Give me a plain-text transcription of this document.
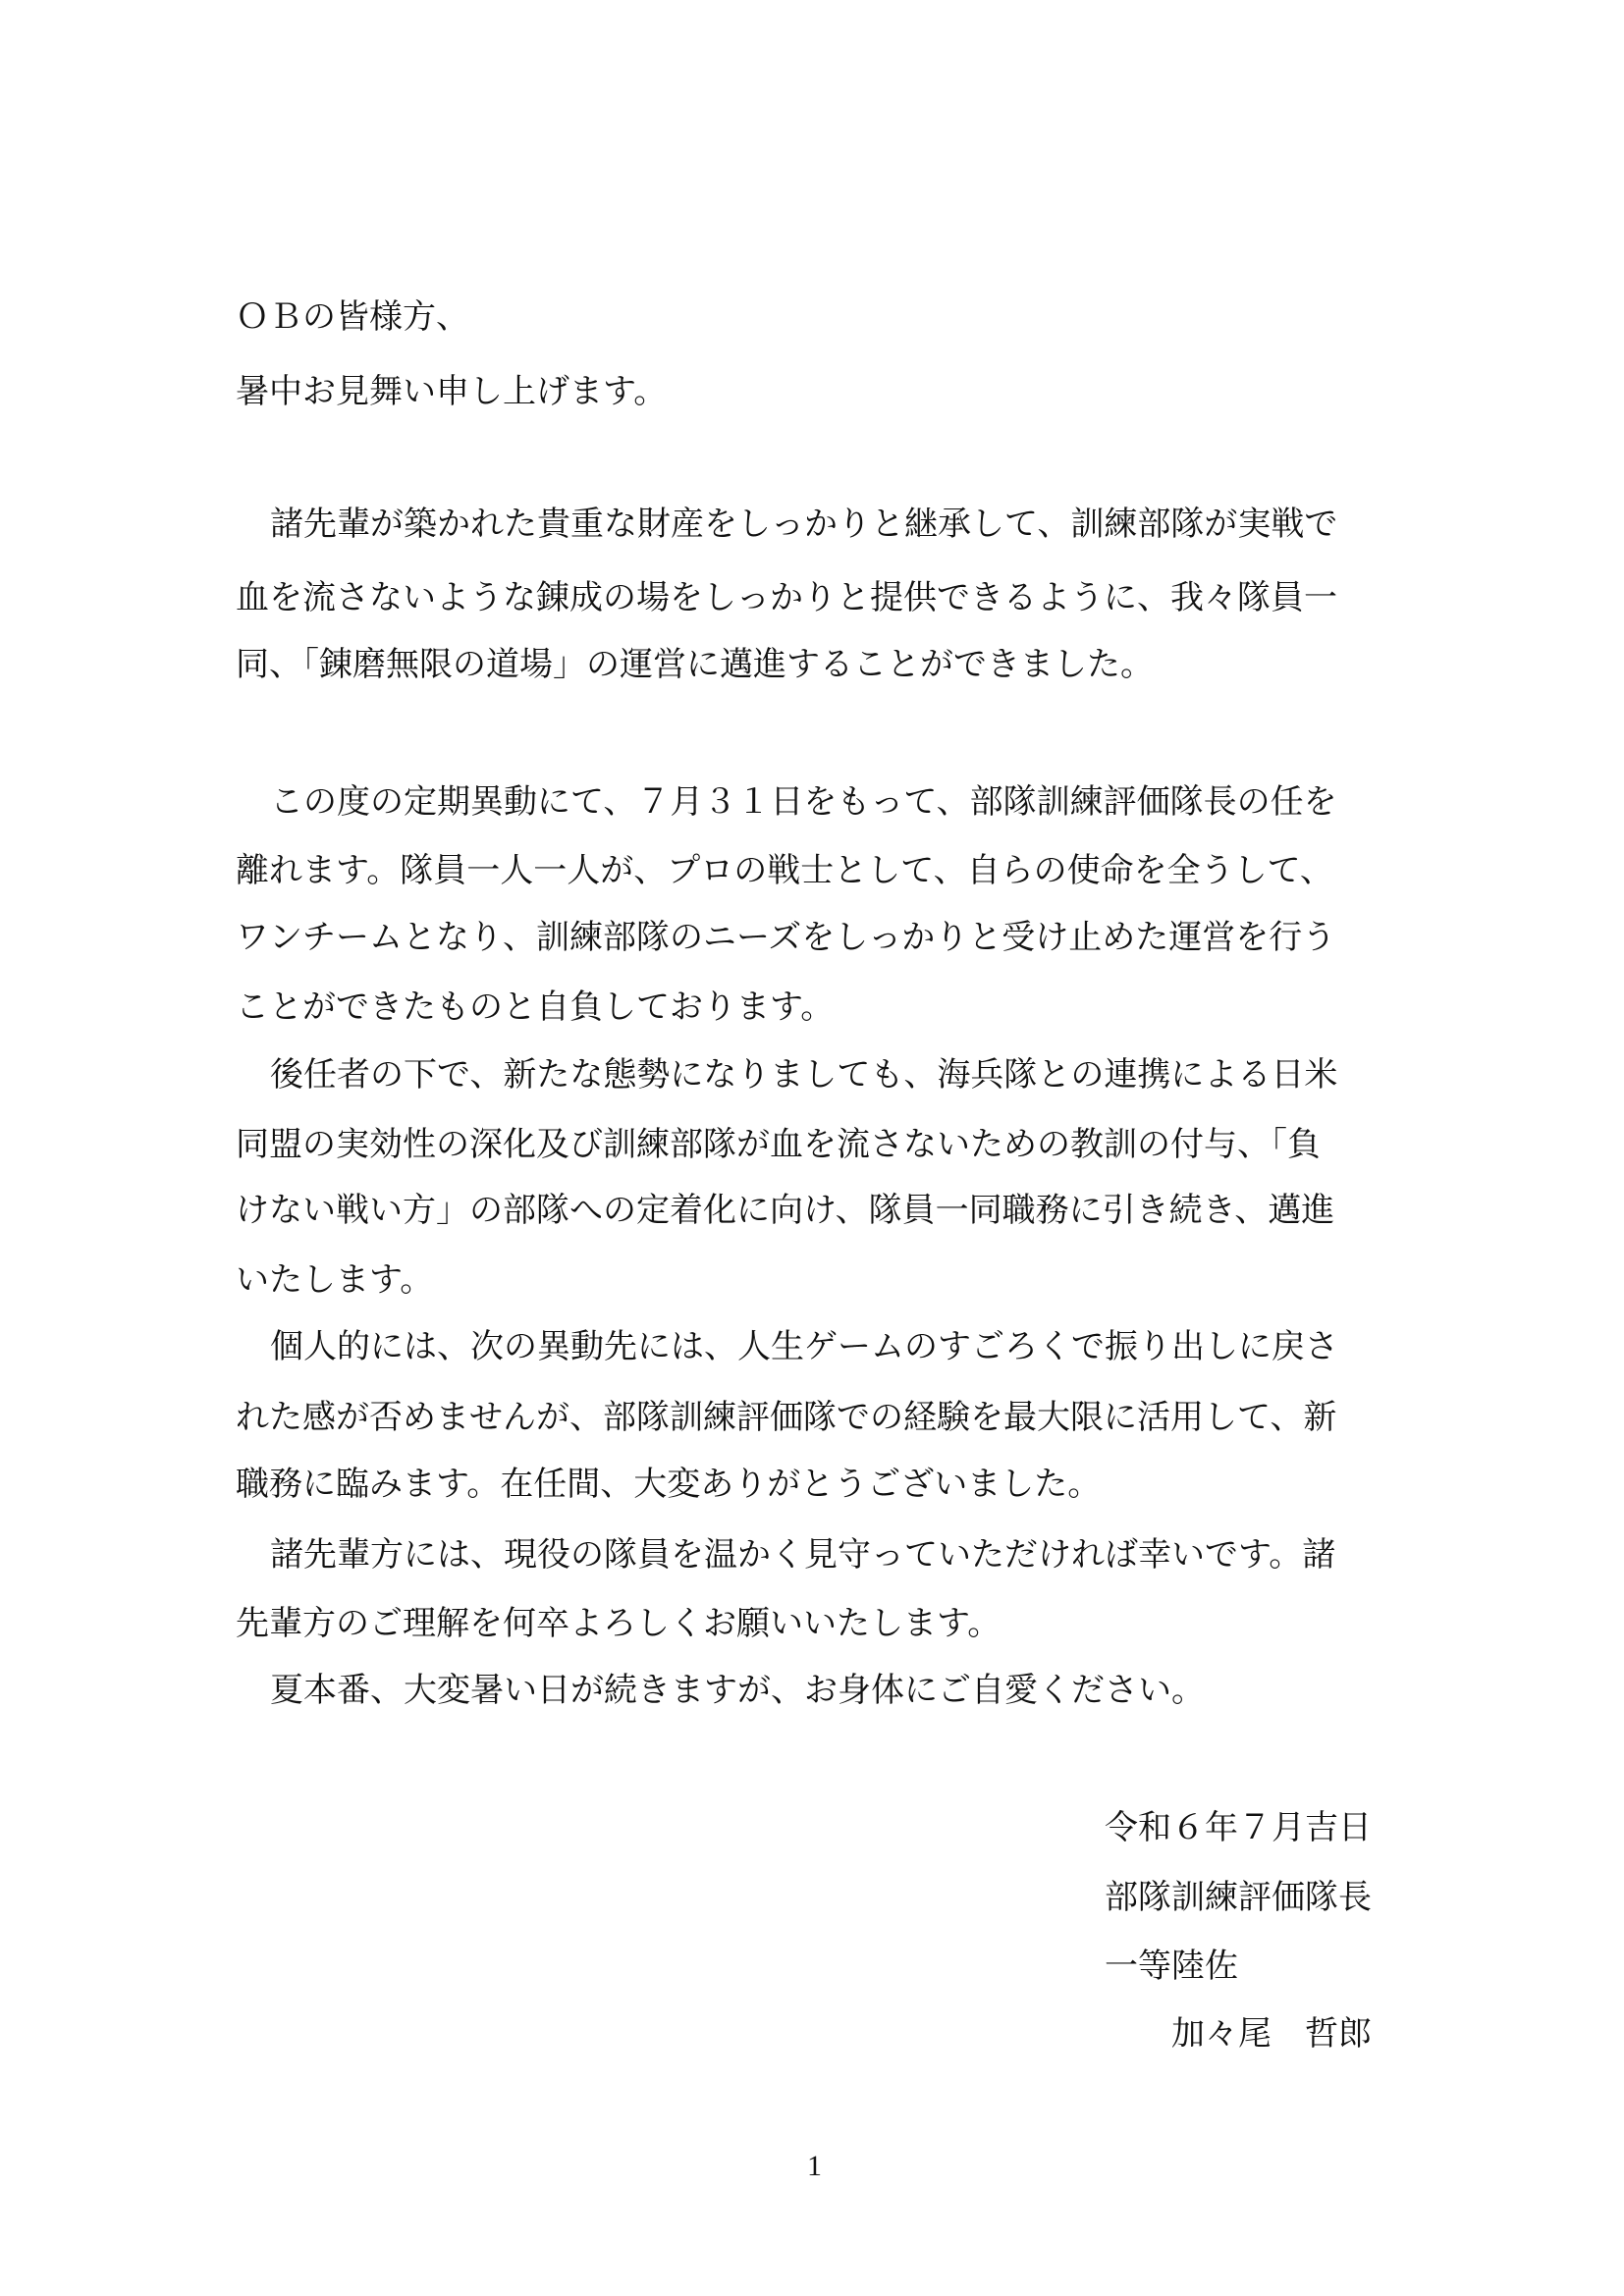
ＯＢの皆様方、
暑中お見舞い申し上げます。
諸先輩が築かれた貴重な財産をしっかりと継承して、訓練部隊が実戦で
血を流さないような錬成の場をしっかりと提供できるように、我々隊員一
同、「錬磨無限の道場」の運営に邁進することができました。
この度の定期異動にて、７月３１日をもって、部隊訓練評価隊長の任を
離れます。隊員一人一人が、プロの戦士として、自らの使命を全うして、
ワンチームとなり、訓練部隊のニーズをしっかりと受け止めた運営を行う
ことができたものと自負しております。
後任者の下で、新たな態勢になりましても、海兵隊との連携による日米
同盟の実効性の深化及び訓練部隊が血を流さないための教訓の付与、「負
けない戦い方」の部隊への定着化に向け、隊員一同職務に引き続き、邁進
いたします。
個人的には、次の異動先には、人生ゲームのすごろくで振り出しに戻さ
れた感が否めませんが、部隊訓練評価隊での経験を最大限に活用して、新
職務に臨みます。在任間、大変ありがとうございました。
諸先輩方には、現役の隊員を温かく見守っていただければ幸いです。諸
先輩方のご理解を何卒よろしくお願いいたします。
夏本番、大変暑い日が続きますが、お身体にご自愛ください。
令和６年７月吉日
部隊訓練評価隊長
一等陸佐
加々尾　哲郎
1
